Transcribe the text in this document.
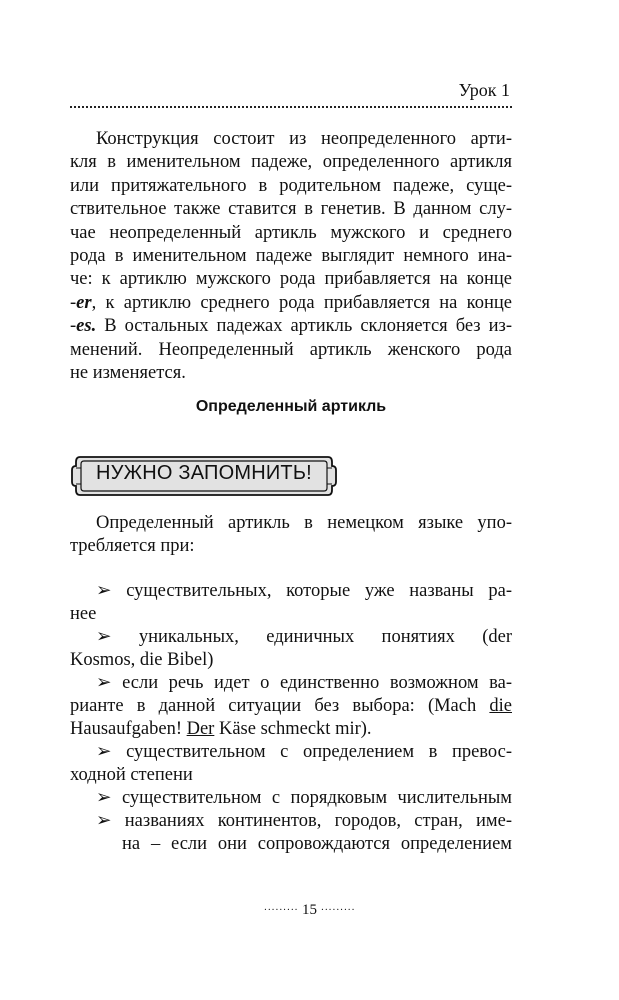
Урок 1
Конструкция состоит из неопределенного арти-
кля в именительном падеже, определенного артикля
или притяжательного в родительном падеже, суще-
ствительное также ставится в генетив. В данном слу-
чае неопределенный артикль мужского и среднего
рода в именительном падеже выглядит немного ина-
че: к артиклю мужского рода прибавляется на конце
-er, к артиклю среднего рода прибавляется на конце
-es. В остальных падежах артикль склоняется без из-
менений. Неопределенный артикль женского рода
не изменяется.
Определенный артикль
НУЖНО ЗАПОМНИТЬ!
Определенный артикль в немецком языке упо-
требляется при:
➢ существительных, которые уже названы ра-
нее
➢ уникальных, единичных понятиях (der
Kosmos, die Bibel)
➢ если речь идет о единственно возможном ва-
рианте в данной ситуации без выбора: (Mach die
Hausaufgaben! Der Käse schmeckt mir).
➢ существительном с определением в превос-
ходной степени
➢ существительном с порядковым числительным
➢ названиях континентов, городов, стран, име-
на – если они сопровождаются определением
········· 15 ·········
